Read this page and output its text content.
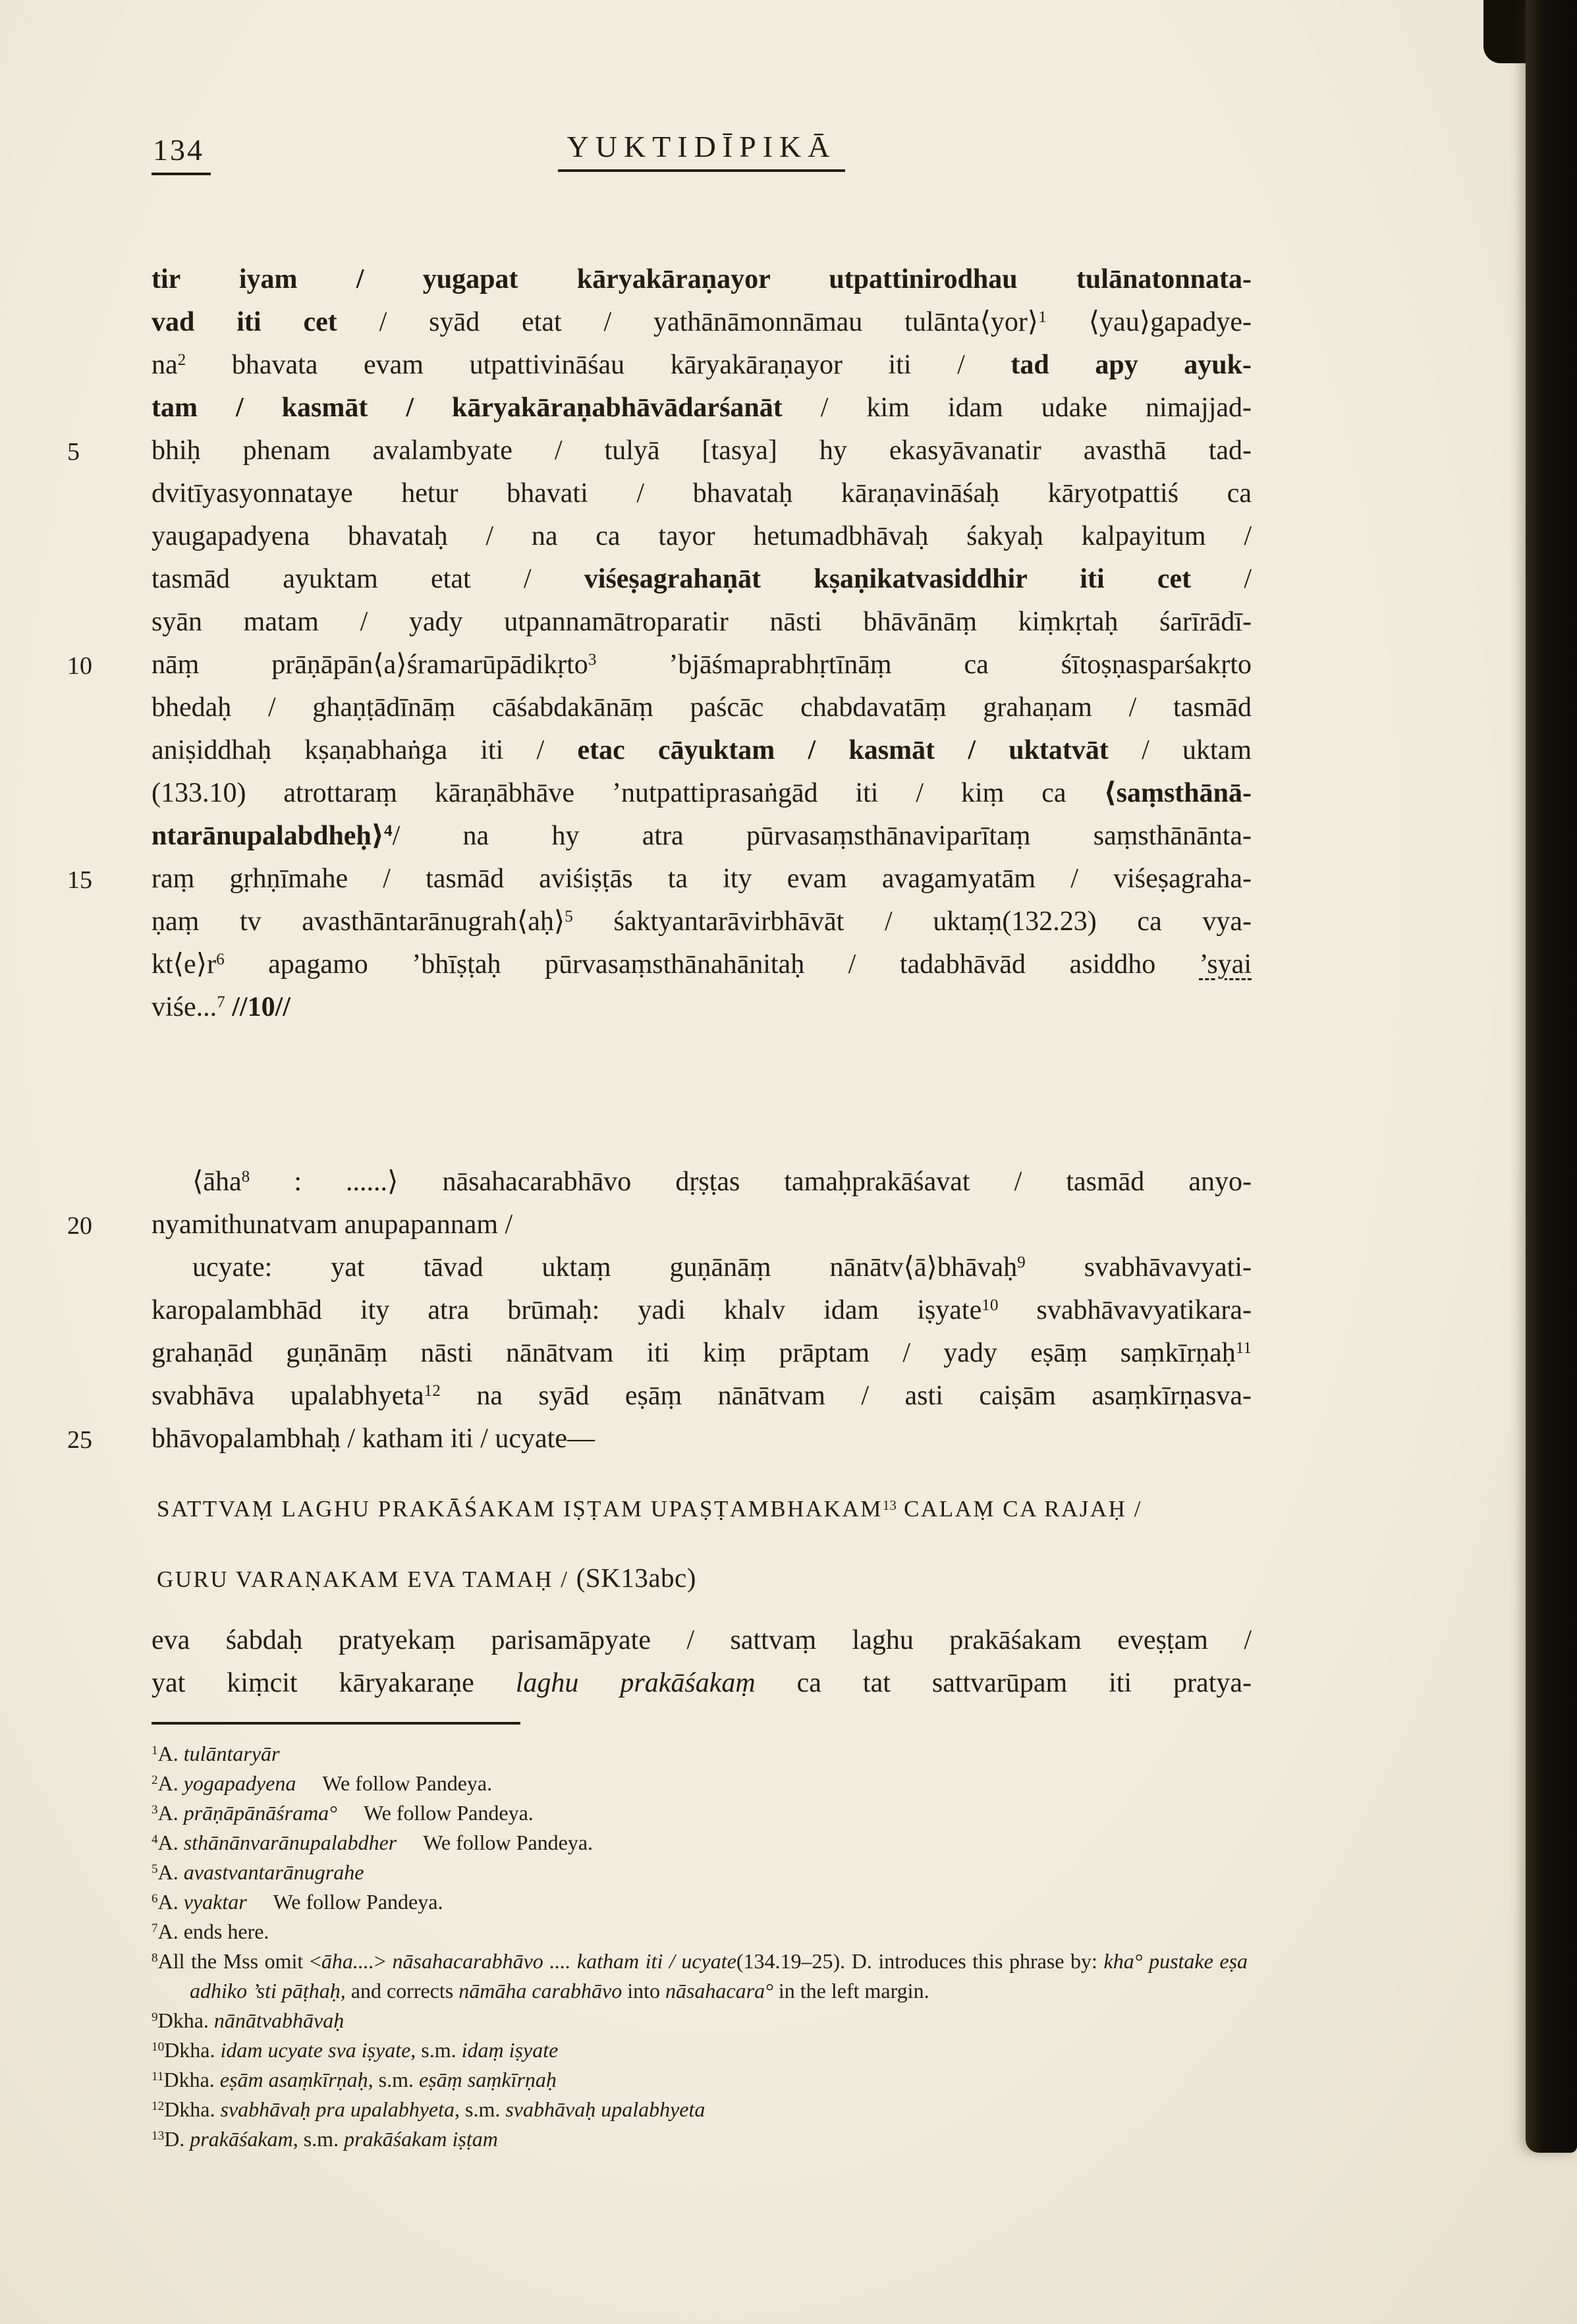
134	YUKTIDĪPIKĀ
tir iyam / yugapat kāryakāraṇayor utpattinirodhau tulānatonnata-
vad iti cet / syād etat / yathānāmonnāmau tulānta⟨yor⟩$^1$ ⟨yau⟩gapadye-
$na^2$ bhavata evam utpattivināśau kāryakāraṇayor iti / tad apy ayuk-
tam / kasmāt / kāryakāraṇabhāvādarśanāt / kim idam udake nimajjad-
5	bhiḥ phenam avalambyate / tulyā [tasya] hy ekasyāvanatir avasthā tad-
dvitīyasyonnataye hetur bhavati / bhavataḥ kāraṇavināśaḥ kāryotpattiś ca
yaugapadyena bhavataḥ / na ca tayor hetumadbhāvaḥ śakyaḥ kalpayitum /
tasmād ayuktam etat / viśeṣagrahaṇāt kṣaṇikatvasiddhir iti cet /
syān matam / yady utpannamātroparatir nāsti bhāvānāṃ kiṃkṛtaḥ śarīrādī-
10	nāṃ prāṇāpān⟨a⟩śramarūpādikṛto$^3$ ’bjāśmaprabhṛtīnāṃ ca śītoṣṇasparśakṛto
bhedaḥ / ghaṇṭādīnāṃ cāśabdakānāṃ paścāc chabdavatāṃ grahaṇam / tasmād
aniṣiddhaḥ kṣaṇabhaṅga iti / etac cāyuktam / kasmāt / uktatvāt / uktam
(133.10) atrottaraṃ kāraṇābhāve ’nutpattiprasaṅgād iti / kiṃ ca ⟨saṃsthānā-
ntarānupalabdheḥ⟩$^4$/ na hy atra pūrvasaṃsthānaviparītaṃ saṃsthānānta-
15	raṃ gṛhṇīmahe / tasmād aviśiṣṭās ta ity evam avagamyatām / viśeṣagraha-
ṇaṃ tv avasthāntarānugrah⟨aḥ⟩$^5$ śaktyantarāvirbhāvāt / uktaṃ(132.23) ca vya-
$kt⟨e⟩r^6$ apagamo ’bhīṣṭaḥ pūrvasaṃsthānahānitaḥ / tadabhāvād asiddho ’syai
viśe...$^7$ //10//
⟨āha$^8$ : ......⟩ nāsahacarabhāvo dṛṣṭas tamaḥprakāśavat / tasmād anyo-
20	nyamithunatvam anupapannam /
ucyate: yat tāvad uktaṃ guṇānāṃ nānātv⟨ā⟩bhāvaḥ$^9$ svabhāvavyati-
karopalambhād ity atra brūmaḥ: yadi khalv idam iṣyate$^{10}$ svabhāvavyatikara-
grahaṇād guṇānāṃ nāsti nānātvam iti kiṃ prāptam / yady eṣāṃ saṃkīrṇaḥ$^{11}$
svabhāva upalabhyeta$^{12}$ na syād eṣāṃ nānātvam / asti caiṣām asaṃkīrṇasva-
25	bhāvopalambhaḥ / katham iti / ucyate—
SATTVAṂ LAGHU PRAKĀŚAKAM IṢṬAM UPAṢṬAMBHAKAM$^{13}$ CALAṂ CA RAJAḤ /
GURU VARAṆAKAM EVA TAMAḤ / (SK13abc)
eva śabdaḥ pratyekaṃ parisamāpyate / sattvaṃ laghu prakāśakam eveṣṭam /
yat kiṃcit kāryakaraṇe laghu prakāśakaṃ ca tat sattvarūpam iti pratya-
$^1$A. tulāntaryār
$^2$A. yogapadyena We follow Pandeya.
$^3$A. prāṇāpānāśrama° We follow Pandeya.
$^4$A. sthānānvarānupalabdher We follow Pandeya.
$^5$A. avastvantarānugrahe
$^6$A. vyaktar We follow Pandeya.
$^7$A. ends here.
$^8$All the Mss omit <āha....> nāsahacarabhāvo .... katham iti / ucyate(134.19–25). D. introduces this phrase by: kha° pustake eṣa adhiko ’sti pāṭhaḥ, and corrects nāmāha carabhāvo into nāsahacara° in the left margin.
$^9$Dkha. nānātvabhāvaḥ
$^{10}$Dkha. idam ucyate sva iṣyate, s.m. idaṃ iṣyate
$^{11}$Dkha. eṣām asaṃkīrṇaḥ, s.m. eṣāṃ saṃkīrṇaḥ
$^{12}$Dkha. svabhāvaḥ pra upalabhyeta, s.m. svabhāvaḥ upalabhyeta
$^{13}$D. prakāśakam, s.m. prakāśakam iṣṭam
